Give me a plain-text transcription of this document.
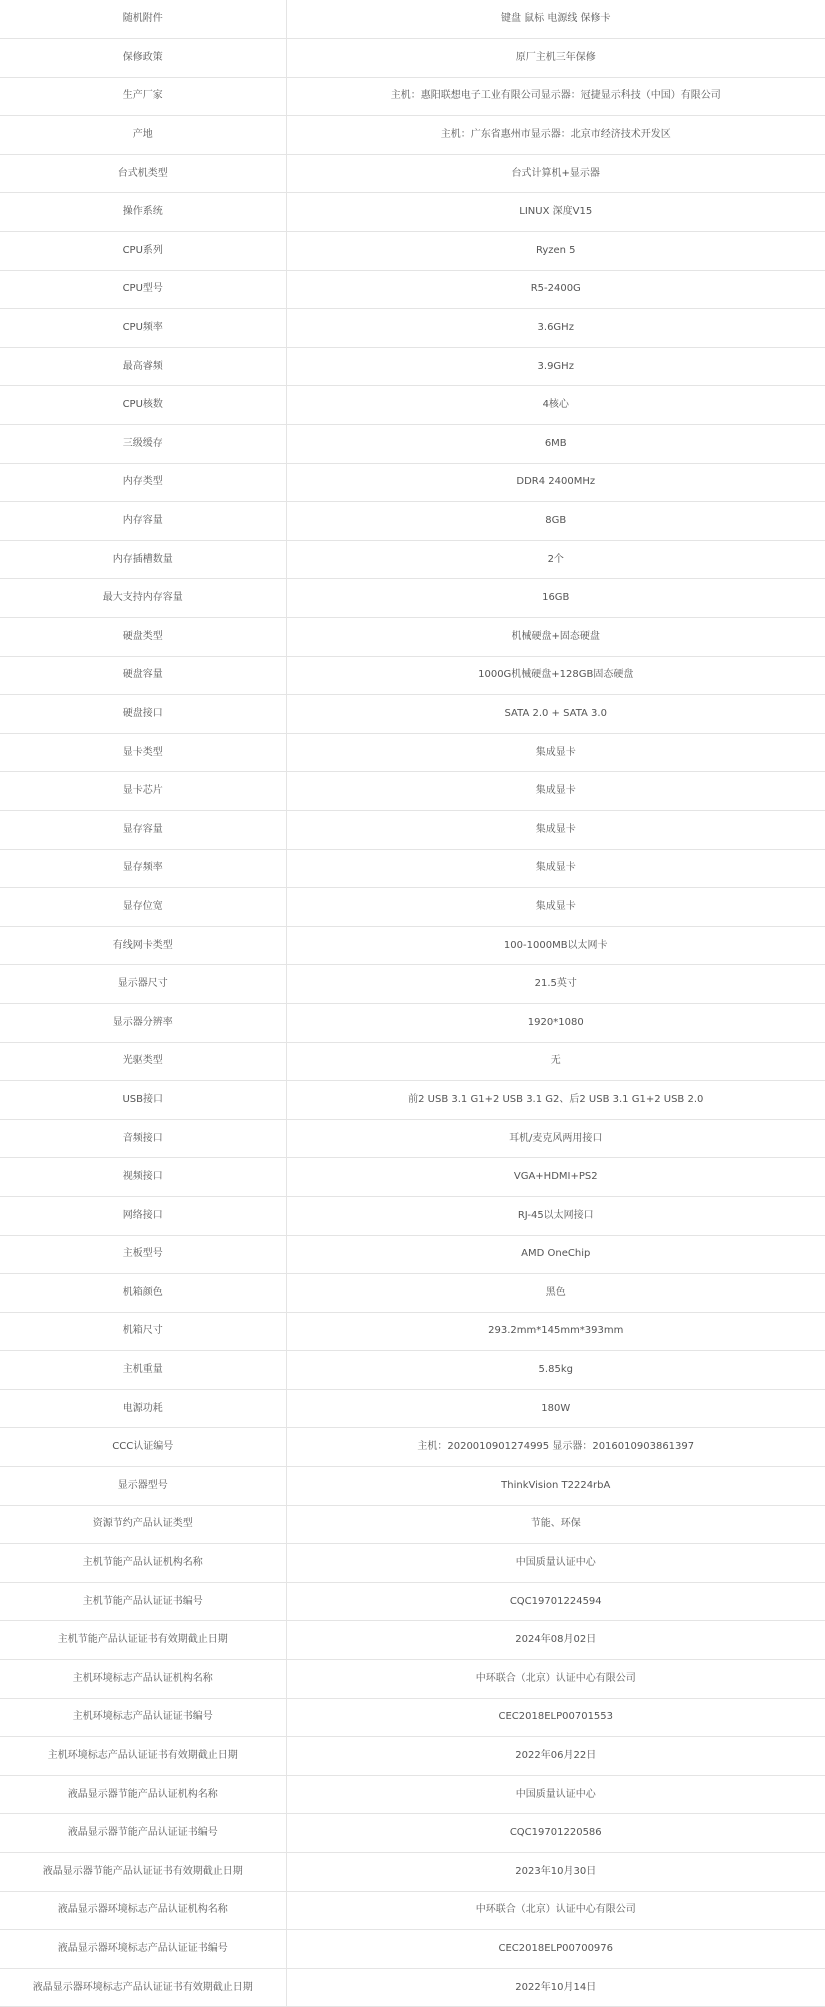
随机附件	键盘 鼠标 电源线 保修卡
保修政策	原厂主机三年保修
生产厂家	主机：惠阳联想电子工业有限公司显示器：冠捷显示科技（中国）有限公司
产地	主机：广东省惠州市显示器：北京市经济技术开发区
台式机类型	台式计算机+显示器
操作系统	LINUX 深度V15
CPU系列	Ryzen 5
CPU型号	R5-2400G
CPU频率	3.6GHz
最高睿频	3.9GHz
CPU核数	4核心
三级缓存	6MB
内存类型	DDR4 2400MHz
内存容量	8GB
内存插槽数量	2个
最大支持内存容量	16GB
硬盘类型	机械硬盘+固态硬盘
硬盘容量	1000G机械硬盘+128GB固态硬盘
硬盘接口	SATA 2.0 + SATA 3.0
显卡类型	集成显卡
显卡芯片	集成显卡
显存容量	集成显卡
显存频率	集成显卡
显存位宽	集成显卡
有线网卡类型	100-1000MB以太网卡
显示器尺寸	21.5英寸
显示器分辨率	1920*1080
光驱类型	无
USB接口	前2 USB 3.1 G1+2 USB 3.1 G2、后2 USB 3.1 G1+2 USB 2.0
音频接口	耳机/麦克风两用接口
视频接口	VGA+HDMI+PS2
网络接口	RJ-45以太网接口
主板型号	AMD OneChip
机箱颜色	黑色
机箱尺寸	293.2mm*145mm*393mm
主机重量	5.85kg
电源功耗	180W
CCC认证编号	主机：2020010901274995 显示器：2016010903861397
显示器型号	ThinkVision T2224rbA
资源节约产品认证类型	节能、环保
主机节能产品认证机构名称	中国质量认证中心
主机节能产品认证证书编号	CQC19701224594
主机节能产品认证证书有效期截止日期	2024年08月02日
主机环境标志产品认证机构名称	中环联合（北京）认证中心有限公司
主机环境标志产品认证证书编号	CEC2018ELP00701553
主机环境标志产品认证证书有效期截止日期	2022年06月22日
液晶显示器节能产品认证机构名称	中国质量认证中心
液晶显示器节能产品认证证书编号	CQC19701220586
液晶显示器节能产品认证证书有效期截止日期	2023年10月30日
液晶显示器环境标志产品认证机构名称	中环联合（北京）认证中心有限公司
液晶显示器环境标志产品认证证书编号	CEC2018ELP00700976
液晶显示器环境标志产品认证证书有效期截止日期	2022年10月14日
